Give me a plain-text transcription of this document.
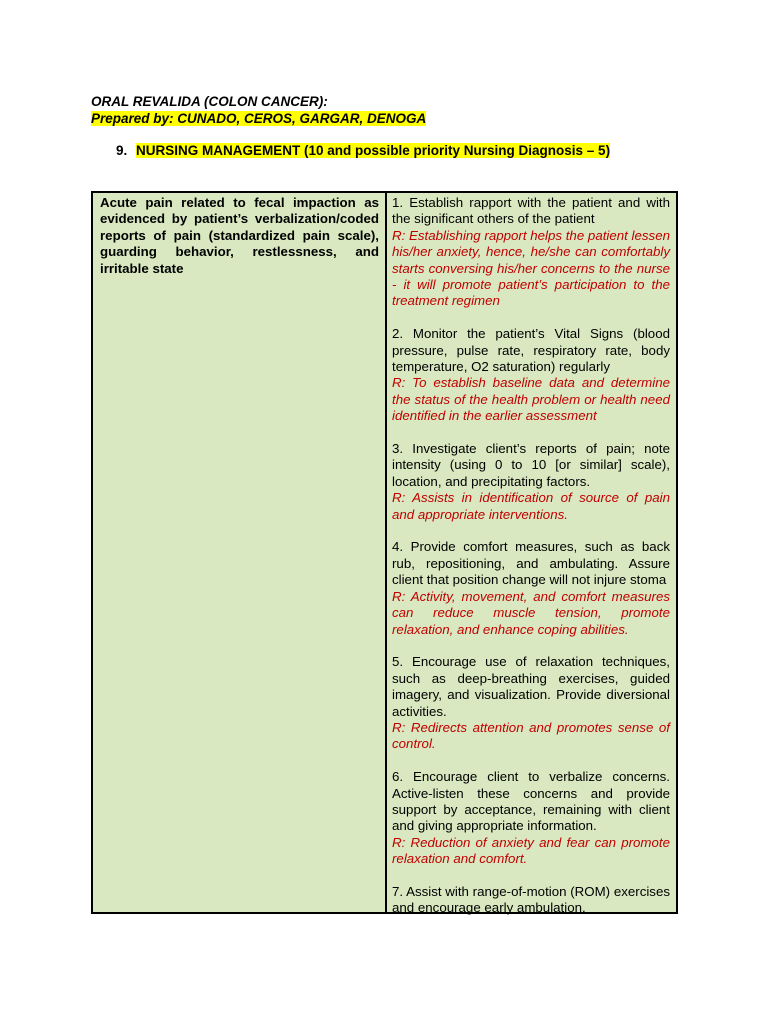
ORAL REVALIDA (COLON CANCER):
Prepared by: CUNADO, CEROS, GARGAR, DENOGA
9. NURSING MANAGEMENT (10 and possible priority Nursing Diagnosis – 5)

Acute pain related to fecal impaction as evidenced by patient’s verbalization/coded reports of pain (standardized pain scale), guarding behavior, restlessness, and irritable state

1. Establish rapport with the patient and with the significant others of the patient

R: Establishing rapport helps the patient lessen his/her anxiety, hence, he/she can comfortably starts conversing his/her concerns to the nurse - it will promote patient’s participation to the treatment regimen

2. Monitor the patient’s Vital Signs (blood pressure, pulse rate, respiratory rate, body temperature, O2 saturation) regularly

R: To establish baseline data and determine the status of the health problem or health need identified in the earlier assessment

3. Investigate client’s reports of pain; note intensity (using 0 to 10 [or similar] scale), location, and precipitating factors.

R: Assists in identification of source of pain and appropriate interventions.

4. Provide comfort measures, such as back rub, repositioning, and ambulating. Assure client that position change will not injure stoma

R: Activity, movement, and comfort measures can reduce muscle tension, promote relaxation, and enhance coping abilities.

5. Encourage use of relaxation techniques, such as deep-breathing exercises, guided imagery, and visualization. Provide diversional activities.

R: Redirects attention and promotes sense of control.

6. Encourage client to verbalize concerns. Active-listen these concerns and provide support by acceptance, remaining with client and giving appropriate information.

R: Reduction of anxiety and fear can promote relaxation and comfort.

7. Assist with range-of-motion (ROM) exercises and encourage early ambulation.
